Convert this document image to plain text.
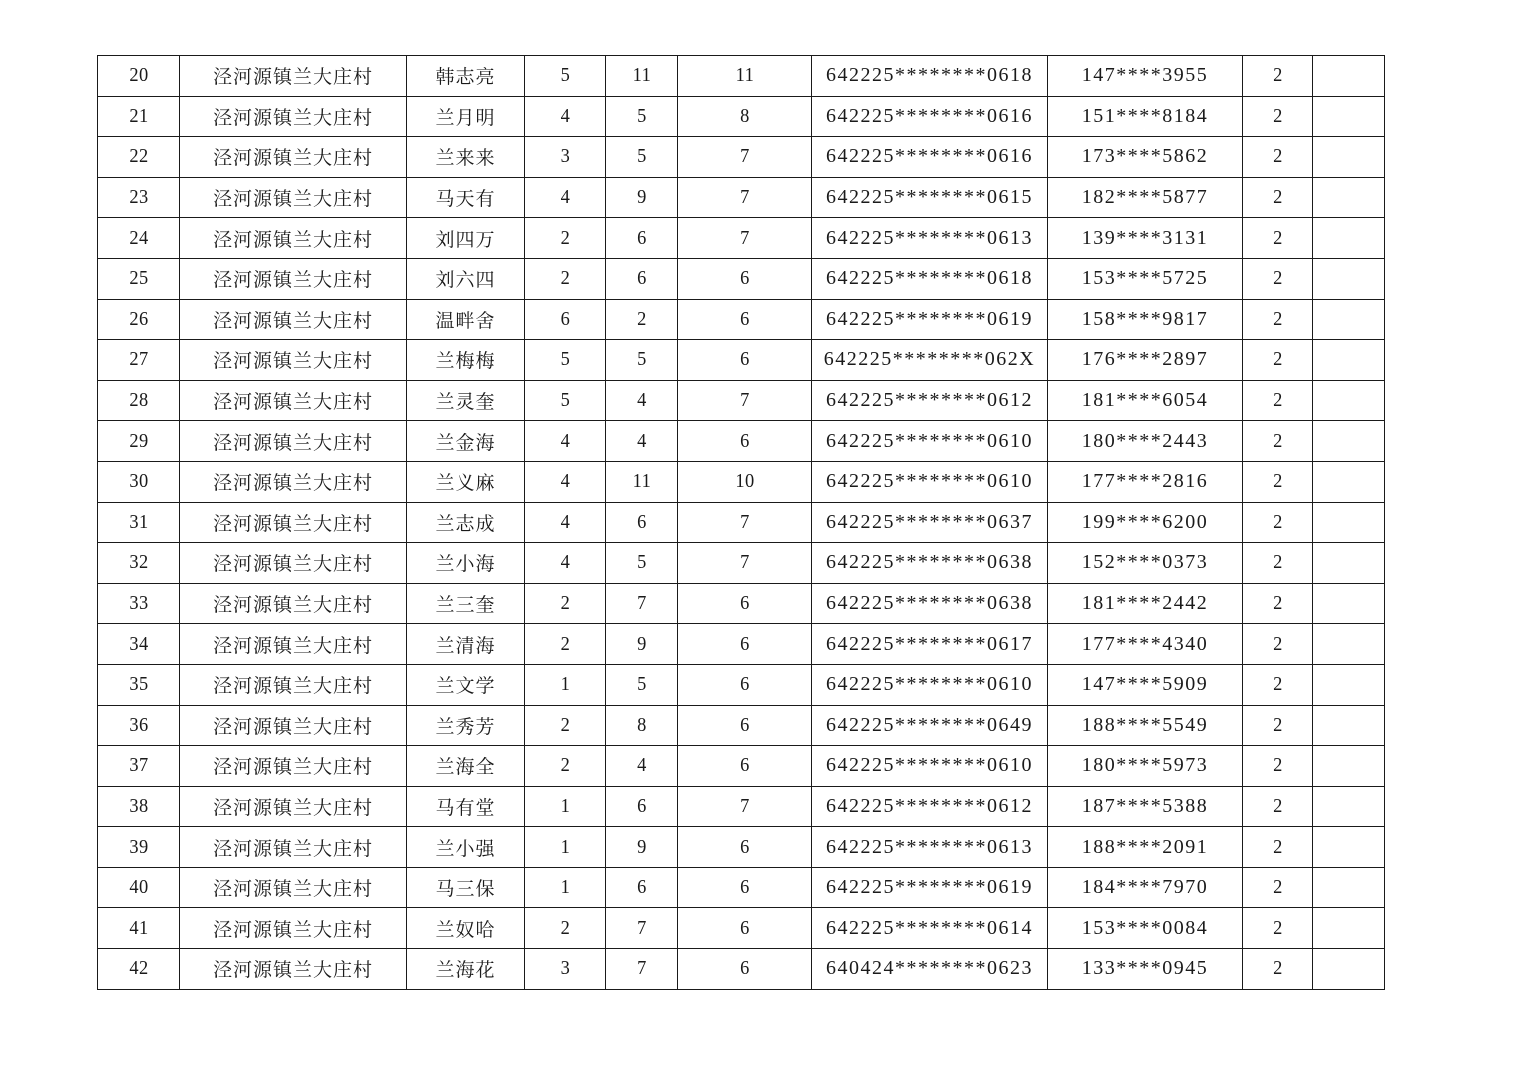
20	泾河源镇兰大庄村	韩志亮	5	11	11	642225********0618	147****3955	2	
21	泾河源镇兰大庄村	兰月明	4	5	8	642225********0616	151****8184	2	
22	泾河源镇兰大庄村	兰来来	3	5	7	642225********0616	173****5862	2	
23	泾河源镇兰大庄村	马天有	4	9	7	642225********0615	182****5877	2	
24	泾河源镇兰大庄村	刘四万	2	6	7	642225********0613	139****3131	2	
25	泾河源镇兰大庄村	刘六四	2	6	6	642225********0618	153****5725	2	
26	泾河源镇兰大庄村	温畔舍	6	2	6	642225********0619	158****9817	2	
27	泾河源镇兰大庄村	兰梅梅	5	5	6	642225********062X	176****2897	2	
28	泾河源镇兰大庄村	兰灵奎	5	4	7	642225********0612	181****6054	2	
29	泾河源镇兰大庄村	兰金海	4	4	6	642225********0610	180****2443	2	
30	泾河源镇兰大庄村	兰义麻	4	11	10	642225********0610	177****2816	2	
31	泾河源镇兰大庄村	兰志成	4	6	7	642225********0637	199****6200	2	
32	泾河源镇兰大庄村	兰小海	4	5	7	642225********0638	152****0373	2	
33	泾河源镇兰大庄村	兰三奎	2	7	6	642225********0638	181****2442	2	
34	泾河源镇兰大庄村	兰清海	2	9	6	642225********0617	177****4340	2	
35	泾河源镇兰大庄村	兰文学	1	5	6	642225********0610	147****5909	2	
36	泾河源镇兰大庄村	兰秀芳	2	8	6	642225********0649	188****5549	2	
37	泾河源镇兰大庄村	兰海全	2	4	6	642225********0610	180****5973	2	
38	泾河源镇兰大庄村	马有堂	1	6	7	642225********0612	187****5388	2	
39	泾河源镇兰大庄村	兰小强	1	9	6	642225********0613	188****2091	2	
40	泾河源镇兰大庄村	马三保	1	6	6	642225********0619	184****7970	2	
41	泾河源镇兰大庄村	兰奴哈	2	7	6	642225********0614	153****0084	2	
42	泾河源镇兰大庄村	兰海花	3	7	6	640424********0623	133****0945	2	
